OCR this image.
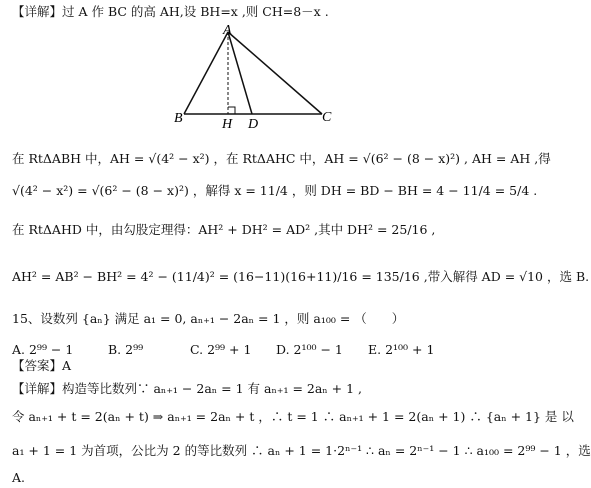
【详解】过 A 作 BC 的高 AH,设 BH=x ,则 CH=8－x .
A
B	H D	C
在 RtΔABH 中，AH = √(4² − x²) ，在 RtΔAHC 中，AH = √(6² − (8 − x)²) , AH = AH ,得
√(4² − x²) = √(6² − (8 − x)²) ，解得 x = 11/4 ，则 DH = BD − BH = 4 − 11/4 = 5/4 .
在 RtΔAHD 中，由勾股定理得：AH² + DH² = AD² ,其中 DH² = 25/16 ,
AH² = AB² − BH² = 4² − (11/4)² = (16−11)(16+11)/16 = 135/16 ,带入解得 AD = √10 ，选 B.
15、设数列 {aₙ} 满足 a₁ = 0, aₙ₊₁ − 2aₙ = 1 ，则 a₁₀₀ = （　　）
A. 2⁹⁹ − 1	B. 2⁹⁹	C. 2⁹⁹ + 1 D. 2¹⁰⁰ − 1 E. 2¹⁰⁰ + 1
【答案】A
【详解】构造等比数列∵ aₙ₊₁ − 2aₙ = 1 有 aₙ₊₁ = 2aₙ + 1 ,
令 aₙ₊₁ + t = 2(aₙ + t) ⇒ aₙ₊₁ = 2aₙ + t ，∴ t = 1 ∴ aₙ₊₁ + 1 = 2(aₙ + 1) ∴ {aₙ + 1} 是 以
a₁ + 1 = 1 为首项，公比为 2 的等比数列 ∴ aₙ + 1 = 1·2ⁿ⁻¹ ∴ aₙ = 2ⁿ⁻¹ − 1 ∴ a₁₀₀ = 2⁹⁹ − 1 ，选
A.
